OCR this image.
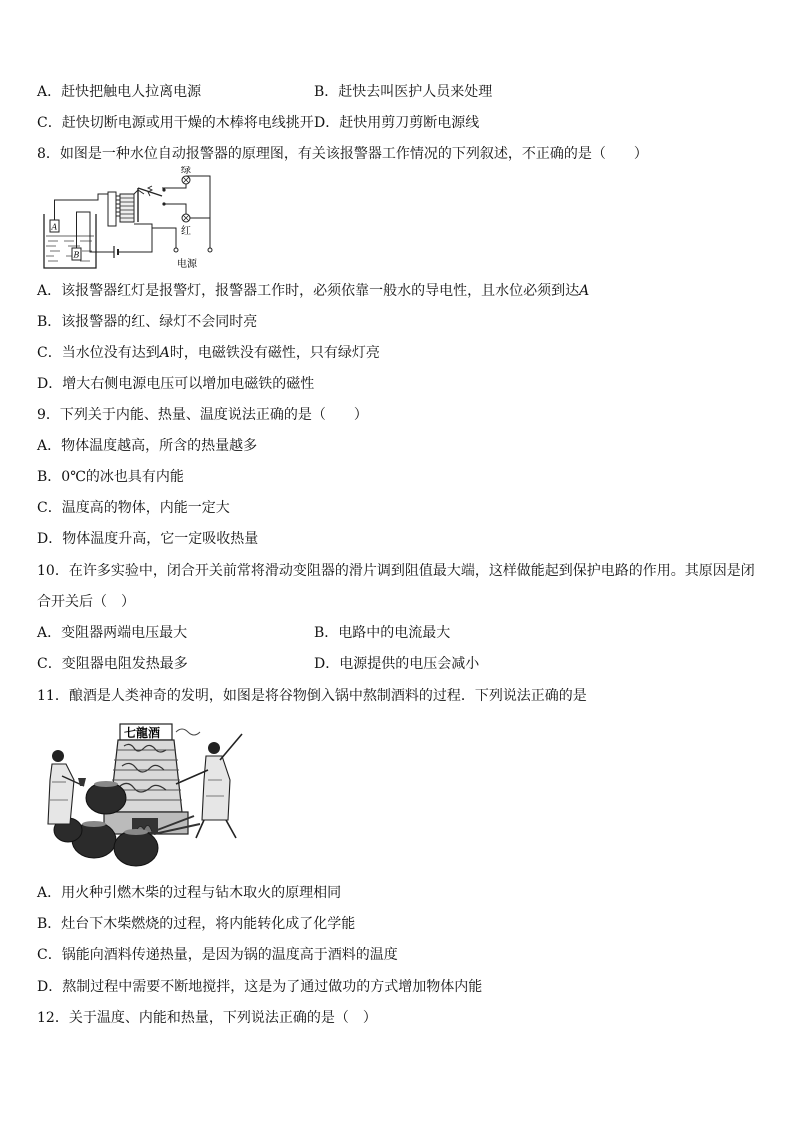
A．赶快把触电人拉离电源	B．赶快去叫医护人员来处理
C．赶快切断电源或用干燥的木棒将电线挑开 D．赶快用剪刀剪断电源线
8．如图是一种水位自动报警器的原理图，有关该报警器工作情况的下列叙述，不正确的是（　　）
A
B
绿
红
电源
A．该报警器红灯是报警灯，报警器工作时，必须依靠一般水的导电性，且水位必须到达A
B．该报警器的红、绿灯不会同时亮
C．当水位没有达到A时，电磁铁没有磁性，只有绿灯亮
D．增大右侧电源电压可以增加电磁铁的磁性
9．下列关于内能、热量、温度说法正确的是（　　）
A．物体温度越高，所含的热量越多
B．0℃的冰也具有内能
C．温度高的物体，内能一定大
D．物体温度升高，它一定吸收热量
10．在许多实验中，闭合开关前常将滑动变阻器的滑片调到阻值最大端，这样做能起到保护电路的作用。其原因是闭
合开关后（　）
A．变阻器两端电压最大	B．电路中的电流最大
C．变阻器电阻发热最多	D．电源提供的电压会减小
11．酿酒是人类神奇的发明，如图是将谷物倒入锅中熬制酒料的过程．下列说法正确的是
七龍酒
A．用火种引燃木柴的过程与钻木取火的原理相同
B．灶台下木柴燃烧的过程，将内能转化成了化学能
C．锅能向酒料传递热量，是因为锅的温度高于酒料的温度
D．熬制过程中需要不断地搅拌，这是为了通过做功的方式增加物体内能
12．关于温度、内能和热量，下列说法正确的是（　）
